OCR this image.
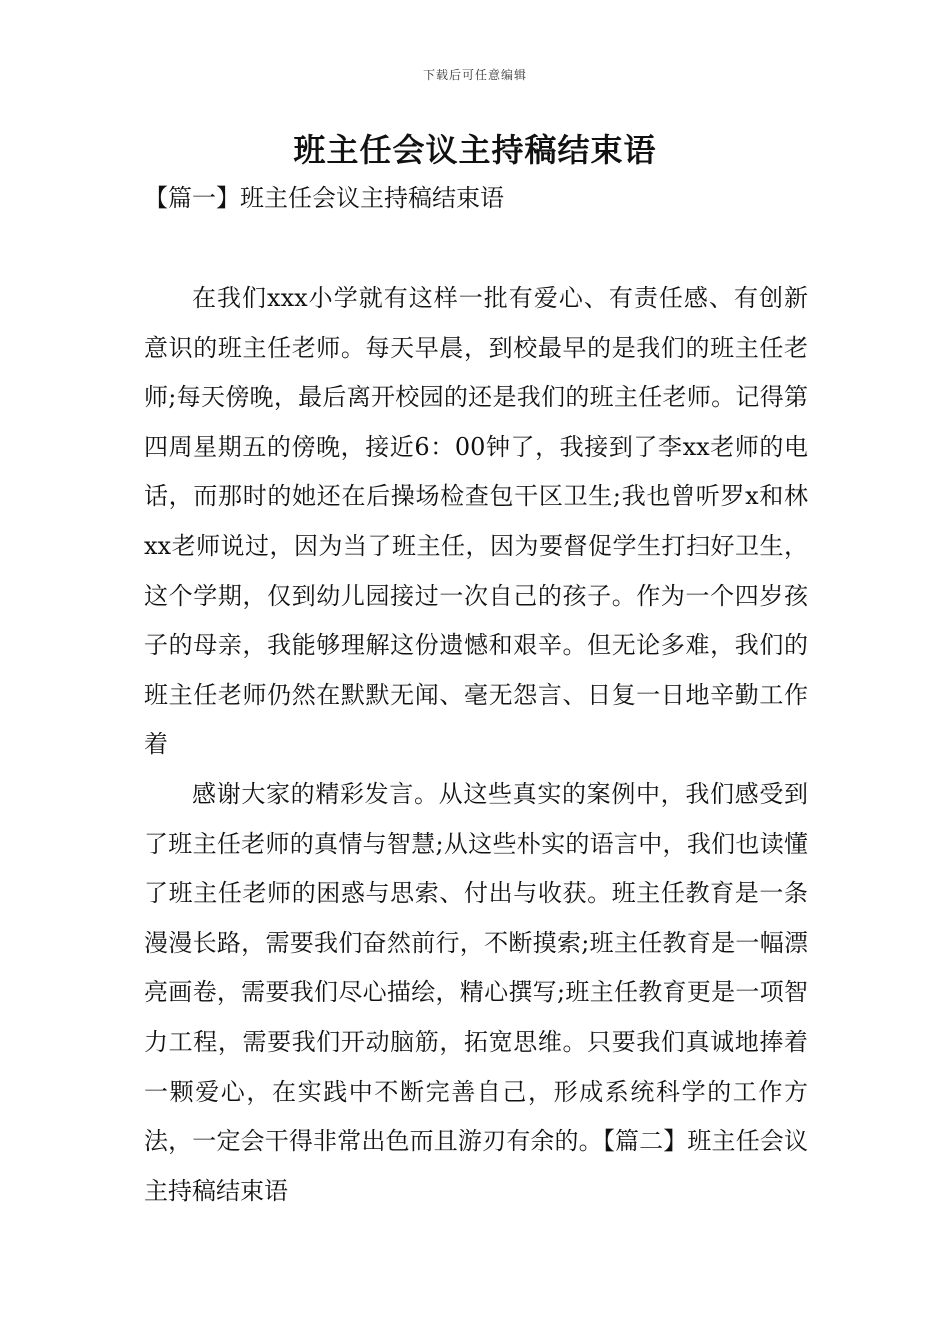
下载后可任意编辑
班主任会议主持稿结束语
【篇一】班主任会议主持稿结束语

在我们xxx小学就有这样一批有爱心、有责任感、有创新意识的班主任老师。每天早晨，到校最早的是我们的班主任老师;每天傍晚，最后离开校园的还是我们的班主任老师。记得第四周星期五的傍晚，接近6：00钟了，我接到了李xx老师的电话，而那时的她还在后操场检查包干区卫生;我也曾听罗x和林xx老师说过，因为当了班主任，因为要督促学生打扫好卫生，这个学期，仅到幼儿园接过一次自己的孩子。作为一个四岁孩子的母亲，我能够理解这份遗憾和艰辛。但无论多难，我们的班主任老师仍然在默默无闻、毫无怨言、日复一日地辛勤工作着

感谢大家的精彩发言。从这些真实的案例中，我们感受到了班主任老师的真情与智慧;从这些朴实的语言中，我们也读懂了班主任老师的困惑与思索、付出与收获。班主任教育是一条漫漫长路，需要我们奋然前行，不断摸索;班主任教育是一幅漂亮画卷，需要我们尽心描绘，精心撰写;班主任教育更是一项智力工程，需要我们开动脑筋，拓宽思维。只要我们真诚地捧着一颗爱心，在实践中不断完善自己，形成系统科学的工作方法，一定会干得非常出色而且游刃有余的。【篇二】班主任会议主持稿结束语
